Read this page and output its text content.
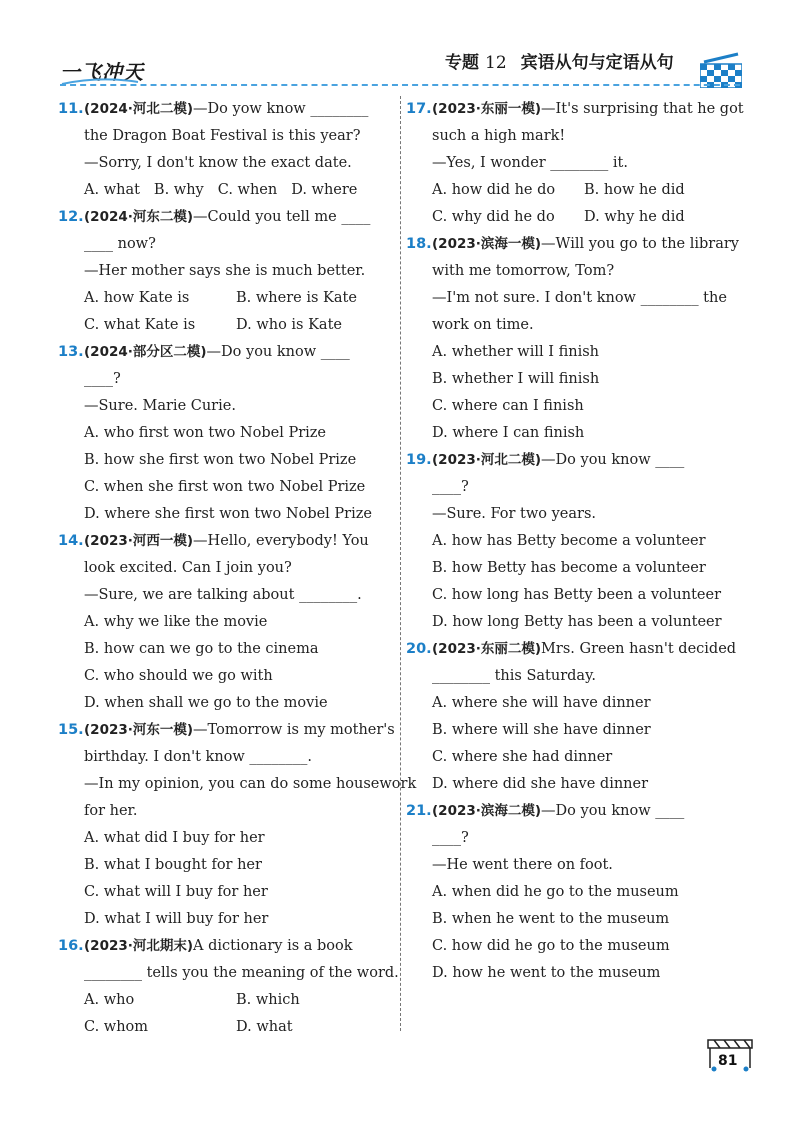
一飞冲天	专题 12 宾语从句与定语从句
11. (2024·河北二模)—Do yow know ________
the Dragon Boat Festival is this year?
—Sorry, I don't know the exact date.
A. what B. why C. when D. where
12. (2024·河东二模)—Could you tell me ____
____ now?
—Her mother says she is much better.
A. how Kate is	B. where is Kate
C. what Kate is	D. who is Kate
13. (2024·部分区二模)—Do you know ____
____?
—Sure. Marie Curie.
A. who first won two Nobel Prize
B. how she first won two Nobel Prize
C. when she first won two Nobel Prize
D. where she first won two Nobel Prize
14. (2023·河西一模)—Hello, everybody! You
look excited. Can I join you?
—Sure, we are talking about ________.
A. why we like the movie
B. how can we go to the cinema
C. who should we go with
D. when shall we go to the movie
15. (2023·河东一模)—Tomorrow is my mother's
birthday. I don't know ________.
—In my opinion, you can do some housework
for her.
A. what did I buy for her
B. what I bought for her
C. what will I buy for her
D. what I will buy for her
16. (2023·河北期末)A dictionary is a book
________ tells you the meaning of the word.
A. who	B. which
C. whom	D. what
17. (2023·东丽一模)—It's surprising that he got
such a high mark!
—Yes, I wonder ________ it.
A. how did he do	B. how he did
C. why did he do	D. why he did
18. (2023·滨海一模)—Will you go to the library
with me tomorrow, Tom?
—I'm not sure. I don't know ________ the
work on time.
A. whether will I finish
B. whether I will finish
C. where can I finish
D. where I can finish
19. (2023·河北二模)—Do you know ____
____?
—Sure. For two years.
A. how has Betty become a volunteer
B. how Betty has become a volunteer
C. how long has Betty been a volunteer
D. how long Betty has been a volunteer
20. (2023·东丽二模)Mrs. Green hasn't decided
________ this Saturday.
A. where she will have dinner
B. where will she have dinner
C. where she had dinner
D. where did she have dinner
21. (2023·滨海二模)—Do you know ____
____?
—He went there on foot.
A. when did he go to the museum
B. when he went to the museum
C. how did he go to the museum
D. how he went to the museum
81
